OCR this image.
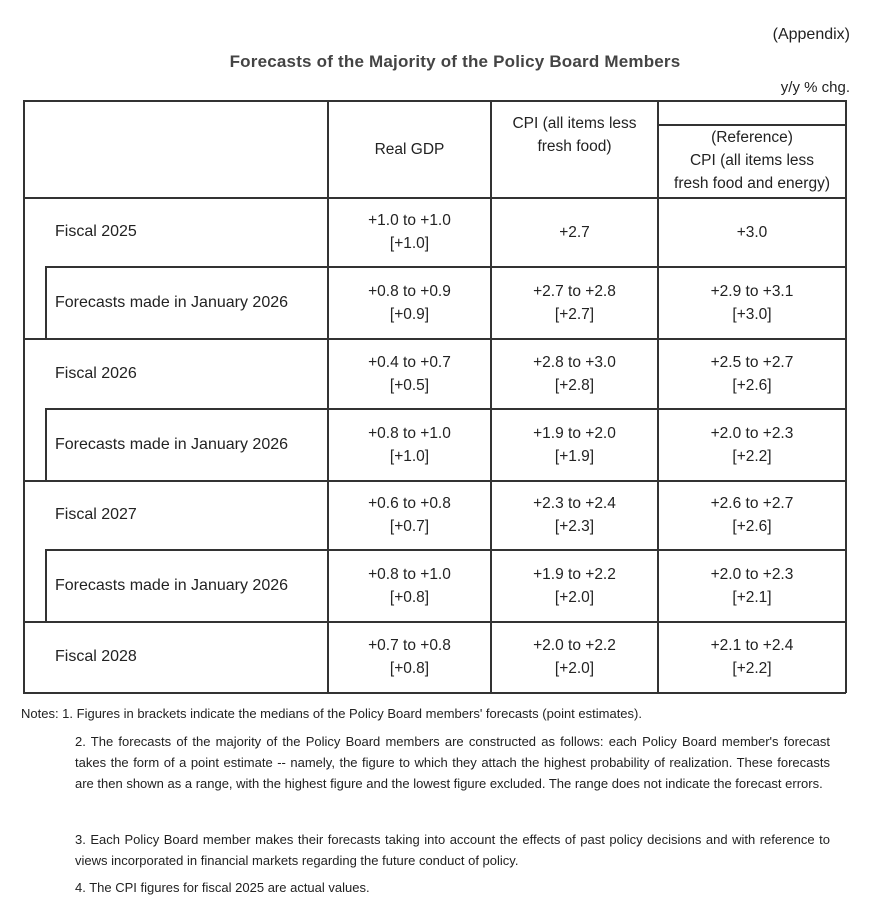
(Appendix)
Forecasts of the Majority of the Policy Board Members
y/y % chg.
Real GDP
CPI (all items less
fresh food)	(Reference)
CPI (all items less
fresh food and energy)
Fiscal 2025
+1.0 to +1.0
[+1.0]
+2.7	+3.0
Forecasts made in January 2026
+0.8 to +0.9
[+0.9]
+2.7 to +2.8
[+2.7]
+2.9 to +3.1
[+3.0]
Fiscal 2026
+0.4 to +0.7
[+0.5]
+2.8 to +3.0
[+2.8]
+2.5 to +2.7
[+2.6]
Forecasts made in January 2026
+0.8 to +1.0
[+1.0]
+1.9 to +2.0
[+1.9]
+2.0 to +2.3
[+2.2]
Fiscal 2027
+0.6 to +0.8
[+0.7]
+2.3 to +2.4
[+2.3]
+2.6 to +2.7
[+2.6]
Forecasts made in January 2026
+0.8 to +1.0
[+0.8]
+1.9 to +2.2
[+2.0]
+2.0 to +2.3
[+2.1]
Fiscal 2028
+0.7 to +0.8
[+0.8]
+2.0 to +2.2
[+2.0]
+2.1 to +2.4
[+2.2]
Notes: 1. Figures in brackets indicate the medians of the Policy Board members' forecasts (point estimates).
2. The forecasts of the majority of the Policy Board members are constructed as follows: each Policy Board member's forecast takes the form of a point estimate -- namely, the figure to which they attach the highest probability of realization. These forecasts are then shown as a range, with the highest figure and the lowest figure excluded. The range does not indicate the forecast errors.
3. Each Policy Board member makes their forecasts taking into account the effects of past policy decisions and with reference to views incorporated in financial markets regarding the future conduct of policy.
4. The CPI figures for fiscal 2025 are actual values.
